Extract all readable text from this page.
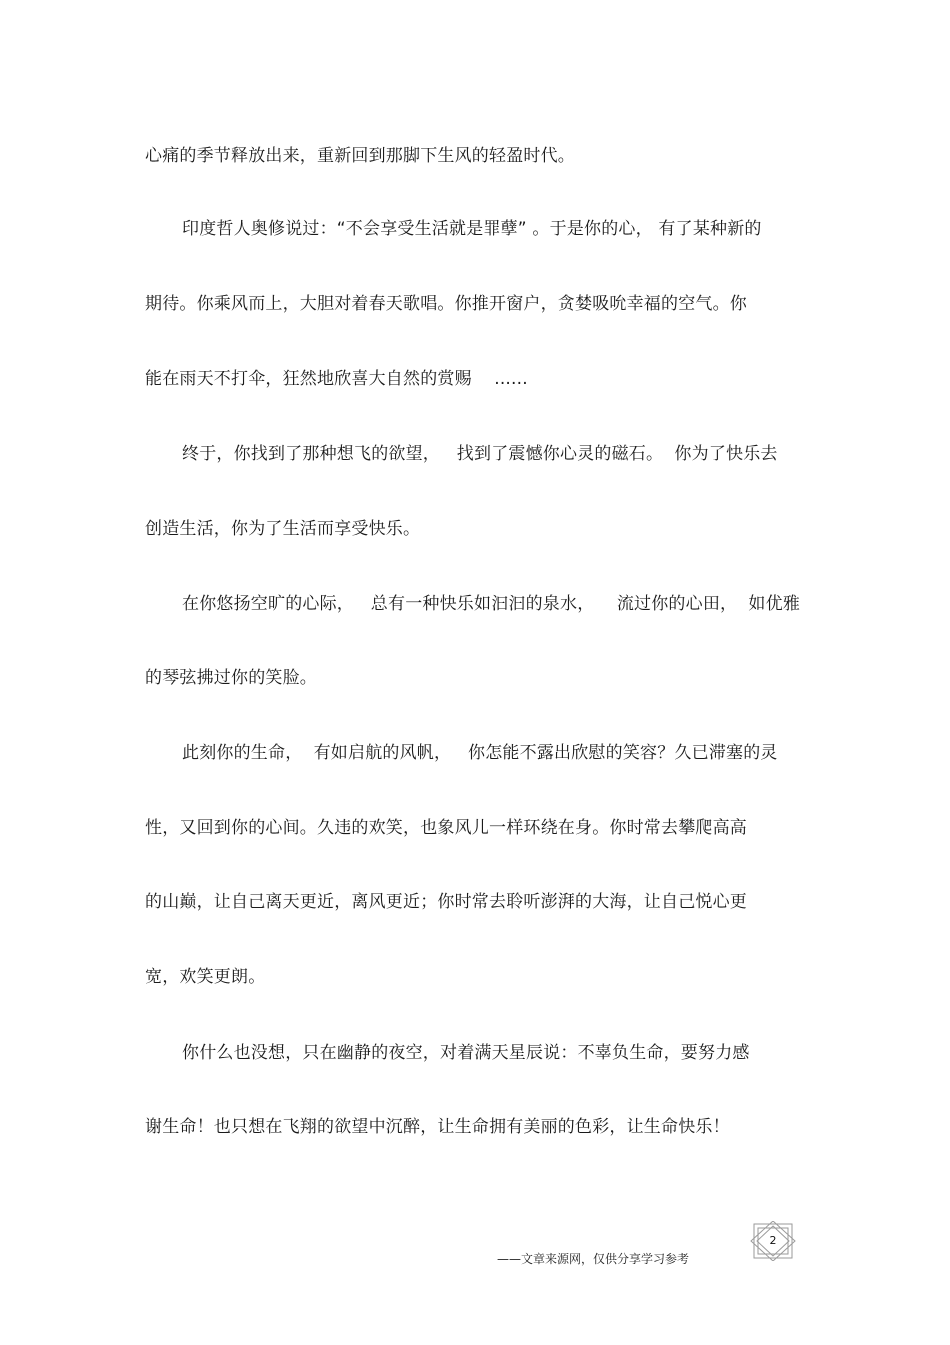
心痛的季节释放出来，重新回到那脚下生风的轻盈时代。
印度哲人奥修说过：“不会享受生活就是罪孽” 。于是你的心， 有了某种新的
期待。你乘风而上，大胆对着春天歌唱。你推开窗户，贪婪吸吮幸福的空气。你
能在雨天不打伞，狂然地欣喜大自然的赏赐    ......
终于，你找到了那种想飞的欲望，   找到了震憾你心灵的磁石。  你为了快乐去
创造生活，你为了生活而享受快乐。
在你悠扬空旷的心际，   总有一种快乐如汩汩的泉水，    流过你的心田，  如优雅
的琴弦拂过你的笑脸。
此刻你的生命，  有如启航的风帆，   你怎能不露出欣慰的笑容？久已滞塞的灵
性，又回到你的心间。久违的欢笑，也象风儿一样环绕在身。你时常去攀爬高高
的山巅，让自己离天更近，离风更近；你时常去聆听澎湃的大海，让自己悦心更
宽，欢笑更朗。
你什么也没想，只在幽静的夜空，对着满天星辰说：不辜负生命，要努力感
谢生命！也只想在飞翔的欲望中沉醉，让生命拥有美丽的色彩，让生命快乐！
——文章来源网，仅供分享学习参考
2
